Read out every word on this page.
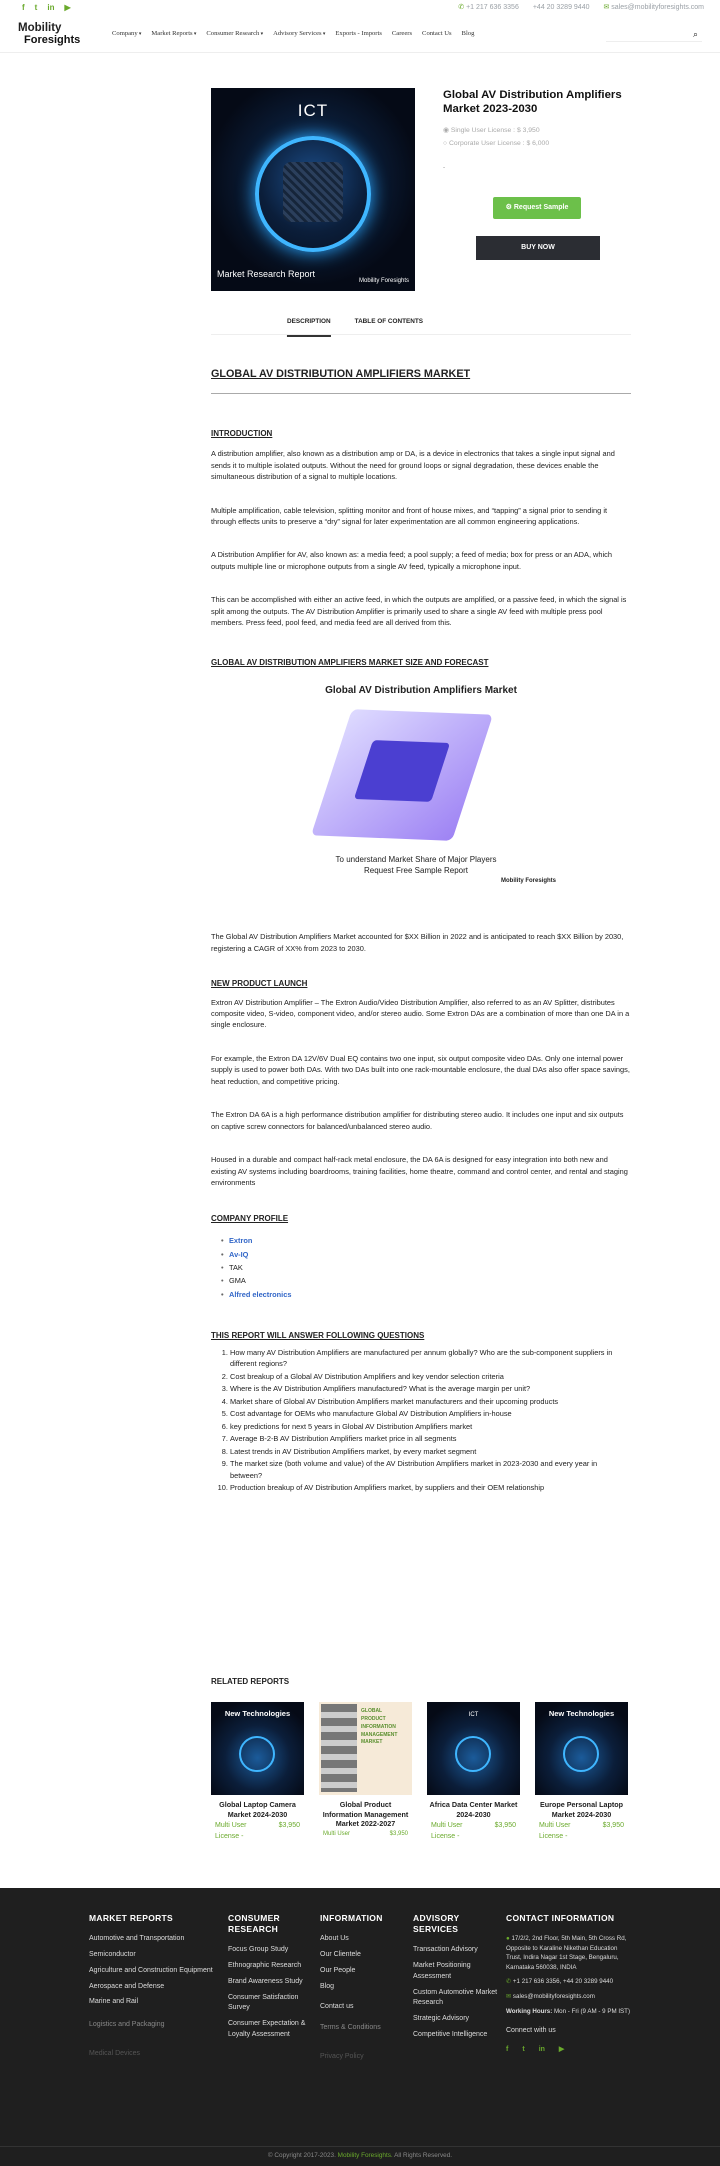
f t in ▶	✆ +1 217 636 3356 +44 20 3289 9440 ✉ sales@mobilityforesights.com
Mobility
Foresights	Company ▾	Market Reports ▾	Consumer Research ▾	Advisory Services ▾	Exports - Imports Careers Contact Us Blog	⌕
ICT
Market Research Report
Mobility Foresights
Global AV Distribution Amplifiers Market 2023-2030
◉ Single User License : $ 3,950
○ Corporate User License : $ 6,000
.
⚙ Request Sample
BUY NOW
DESCRIPTION	TABLE OF CONTENTS
GLOBAL AV DISTRIBUTION AMPLIFIERS MARKET
INTRODUCTION

A distribution amplifier, also known as a distribution amp or DA, is a device in electronics that takes a single input signal and sends it to multiple isolated outputs. Without the need for ground loops or signal degradation, these devices enable the simultaneous distribution of a signal to multiple locations.

Multiple amplification, cable television, splitting monitor and front of house mixes, and “tapping” a signal prior to sending it through effects units to preserve a “dry” signal for later experimentation are all common engineering applications.

A Distribution Amplifier for AV, also known as: a media feed; a pool supply; a feed of media; box for press or an ADA, which outputs multiple line or microphone outputs from a single AV feed, typically a microphone input.

This can be accomplished with either an active feed, in which the outputs are amplified, or a passive feed, in which the signal is split among the outputs. The AV Distribution Amplifier is primarily used to share a single AV feed with multiple press pool members. Press feed, pool feed, and media feed are all derived from this.

GLOBAL AV DISTRIBUTION AMPLIFIERS MARKET SIZE AND FORECAST
Global AV Distribution Amplifiers Market
To understand Market Share of Major Players Request Free Sample Report
Mobility Foresights

The Global AV Distribution Amplifiers Market accounted for $XX Billion in 2022 and is anticipated to reach $XX Billion by 2030, registering a CAGR of XX% from 2023 to 2030.

NEW PRODUCT LAUNCH

Extron AV Distribution Amplifier – The Extron Audio/Video Distribution Amplifier, also referred to as an AV Splitter, distributes composite video, S-video, component video, and/or stereo audio. Some Extron DAs are a combination of more than one DA in a single enclosure.

For example, the Extron DA 12V/6V Dual EQ contains two one input, six output composite video DAs. Only one internal power supply is used to power both DAs. With two DAs built into one rack-mountable enclosure, the dual DAs also offer space savings, heat reduction, and competitive pricing.

The Extron DA 6A is a high performance distribution amplifier for distributing stereo audio. It includes one input and six outputs on captive screw connectors for balanced/unbalanced stereo audio.

Housed in a durable and compact half-rack metal enclosure, the DA 6A is designed for easy integration into both new and existing AV systems including boardrooms, training facilities, home theatre, command and control center, and rental and staging environments

COMPANY PROFILE
• Extron
• Av-IQ
• TAK
• GMA
• Alfred electronics
THIS REPORT WILL ANSWER FOLLOWING QUESTIONS
1. How many AV Distribution Amplifiers are manufactured per annum globally? Who are the sub-component suppliers in different regions?
2. Cost breakup of a Global AV Distribution Amplifiers and key vendor selection criteria
3. Where is the AV Distribution Amplifiers manufactured? What is the average margin per unit?
4. Market share of Global AV Distribution Amplifiers market manufacturers and their upcoming products
5. Cost advantage for OEMs who manufacture Global AV Distribution Amplifiers in-house
6. key predictions for next 5 years in Global AV Distribution Amplifiers market
7. Average B-2-B AV Distribution Amplifiers market price in all segments
8. Latest trends in AV Distribution Amplifiers market, by every market segment
9. The market size (both volume and value) of the AV Distribution Amplifiers market in 2023-2030 and every year in between?
10. Production breakup of AV Distribution Amplifiers market, by suppliers and their OEM relationship
RELATED REPORTS
New Technologies
Global Laptop Camera Market 2024-2030
Multi User	$3,950
License -
GLOBAL PRODUCT INFORMATION MANAGEMENT MARKET
Global Product Information Management Market 2022-2027
Multi User	$3,950
ICT
Africa Data Center Market 2024-2030
Multi User	$3,950
License -
New Technologies
Europe Personal Laptop Market 2024-2030
Multi User	$3,950
License -
MARKET REPORTS
Automotive and Transportation
Semiconductor
Agriculture and Construction Equipment
Aerospace and Defense
Marine and Rail
Logistics and Packaging
Medical Devices
CONSUMER RESEARCH
Focus Group Study
Ethnographic Research
Brand Awareness Study
Consumer Satisfaction Survey
Consumer Expectation & Loyalty Assessment
INFORMATION
About Us
Our Clientele
Our People
Blog
Contact us
Terms & Conditions
Privacy Policy
ADVISORY SERVICES
Transaction Advisory
Market Positioning Assessment
Custom Automotive Market Research
Strategic Advisory
Competitive Intelligence
CONTACT INFORMATION
● 17/2/2, 2nd Floor, 5th Main, 5th Cross Rd, Opposite to Karaline Nikethan Education Trust, Indira Nagar 1st Stage, Bengaluru, Karnataka 560038, INDIA
✆ +1 217 636 3356, +44 20 3289 9440
✉ sales@mobilityforesights.com
Working Hours: Mon - Fri (9 AM - 9 PM IST)
Connect with us
f t in ▶
© Copyright 2017-2023. Mobility Foresights. All Rights Reserved.
